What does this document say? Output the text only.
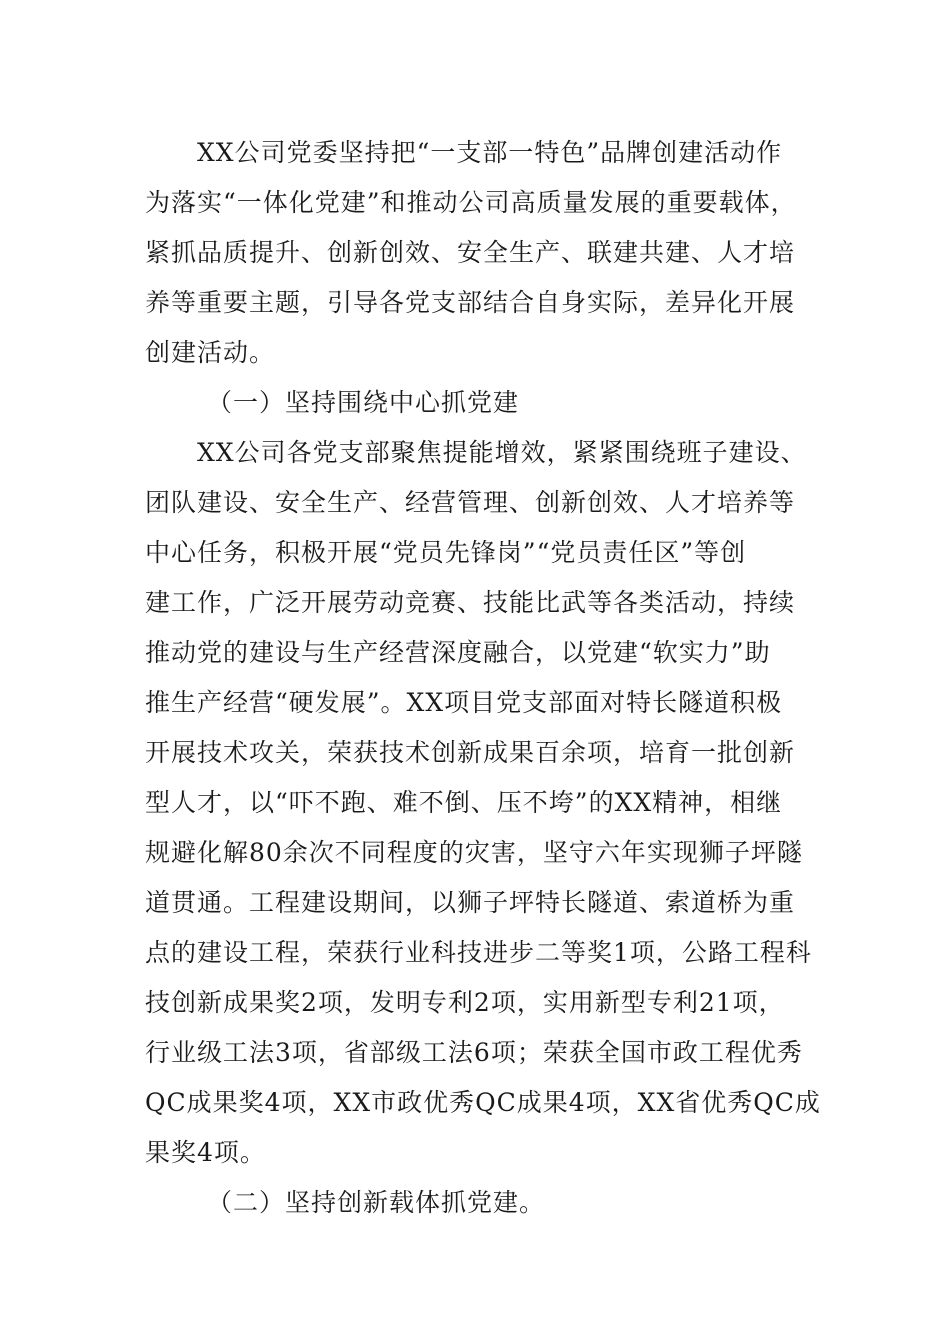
XX公司党委坚持把“一支部一特色”品牌创建活动作
为落实“一体化党建”和推动公司高质量发展的重要载体，
紧抓品质提升、创新创效、安全生产、联建共建、人才培
养等重要主题，引导各党支部结合自身实际，差异化开展
创建活动。
（一）坚持围绕中心抓党建
XX公司各党支部聚焦提能增效，紧紧围绕班子建设、
团队建设、安全生产、经营管理、创新创效、人才培养等
中心任务，积极开展“党员先锋岗”“党员责任区”等创
建工作，广泛开展劳动竞赛、技能比武等各类活动，持续
推动党的建设与生产经营深度融合，以党建“软实力”助
推生产经营“硬发展”。XX项目党支部面对特长隧道积极
开展技术攻关，荣获技术创新成果百余项，培育一批创新
型人才，以“吓不跑、难不倒、压不垮”的XX精神，相继
规避化解80余次不同程度的灾害，坚守六年实现狮子坪隧
道贯通。工程建设期间，以狮子坪特长隧道、索道桥为重
点的建设工程，荣获行业科技进步二等奖1项，公路工程科
技创新成果奖2项，发明专利2项，实用新型专利21项，
行业级工法3项，省部级工法6项；荣获全国市政工程优秀
QC成果奖4项，XX市政优秀QC成果4项，XX省优秀QC成
果奖4项。
（二）坚持创新载体抓党建。
